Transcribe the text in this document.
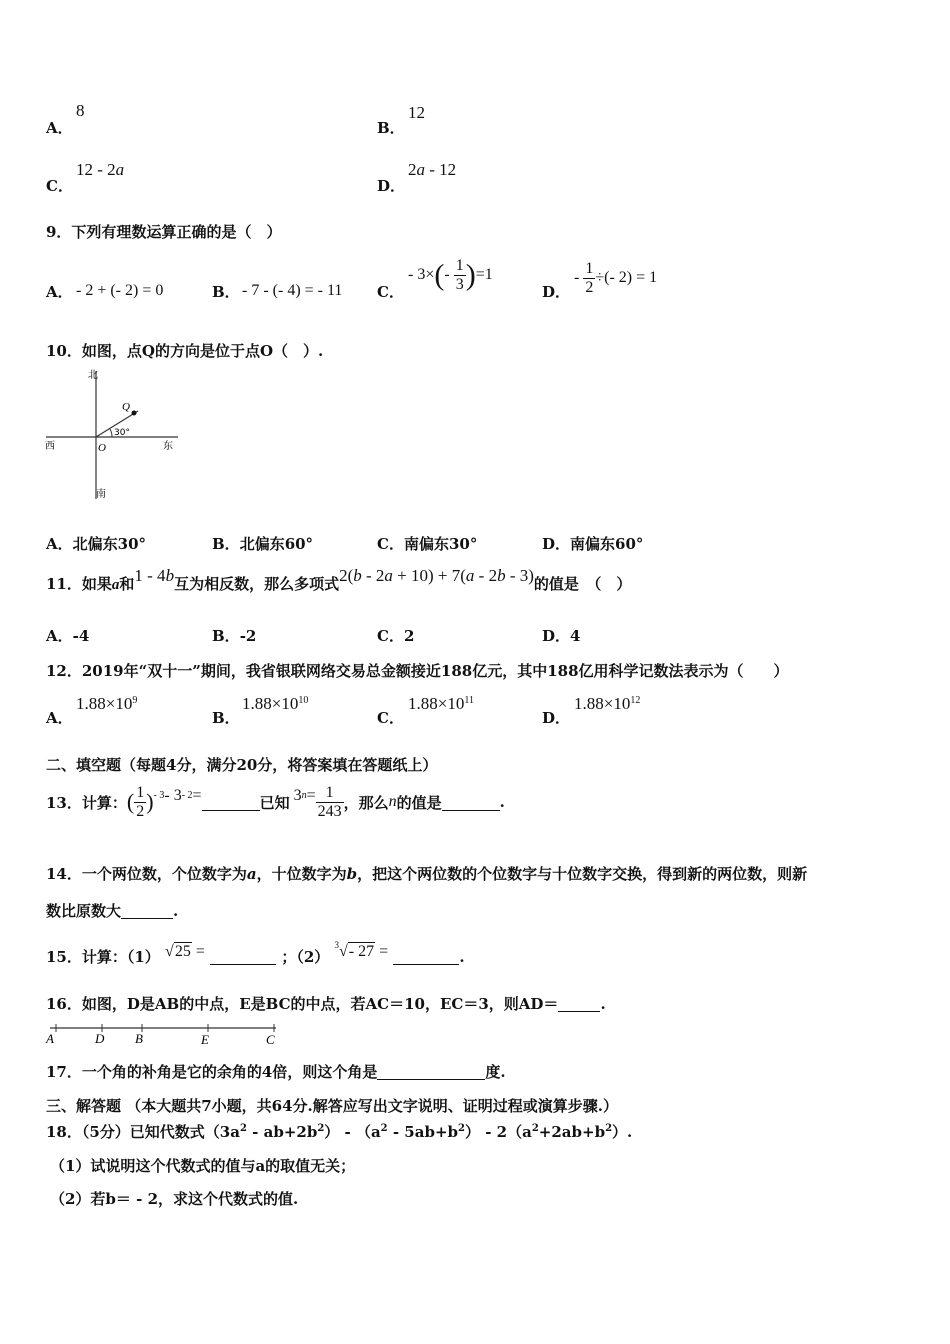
A．
8
B．
12
C．
12 - 2a
D．
2a - 12
9．下列有理数运算正确的是（　）
A． - 2 + (- 2) = 0	B． - 7 - (- 4) = - 11 C．
- $3\times(- \frac{1}{3} )=1$
D．
- $\frac{1}{2}$ ÷(- 2) = 1
10．如图，点Q的方向是位于点O（　）.
北
南
西	东
O
Q
30°
A．北偏东30°	B．北偏东60°	C．南偏东30°	D．南偏东60°
11．如果a和1 - 4b互为相反数，那么多项式2(b - 2a + 10) + 7(a - 2b - 3)的值是　（　）
A．-4	B．-2	C．2	D．4
12．2019年“双十一”期间，我省银联网络交易总金额接近188亿元，其中188亿用科学记数法表示为（　　）
A．
$1.88\times 10^9$
B．
$1.88\times 10^{10}$
C．
$1.88\times 10^{11}$
D．
$1.88\times 10^{12}$
二、填空题（每题4分，满分20分，将答案填在答题纸上）
13．计算： ( $\frac{1}{2} )^{- 3} - 3 - 2$ =	已知 3 $n = \frac{1}{243}$ ，那么 n 的值是	.
14．一个两位数，个位数字为a，十位数字为b，把这个两位数的个位数字与十位数字交换，得到新的两位数，则新
数比原数大	.
15．计算：（1） √25 =	；（2） $^3$√- 27 =	.
16．如图，D是AB的中点，E是BC的中点，若AC＝10，EC＝3，则AD＝	.
A	D B	E	C
17．一个角的补角是它的余角的4倍，则这个角是	度.
三、解答题 （本大题共7小题，共64分.解答应写出文字说明、证明过程或演算步骤.）
18．（5分）已知代数式$(3a^2 - ab+2b^2) - (a^2 - 5ab+b^2) - 2(a^2+2ab+b^2)$.
（1）试说明这个代数式的值与a的取值无关；
（2）若b＝ - 2，求这个代数式的值.
